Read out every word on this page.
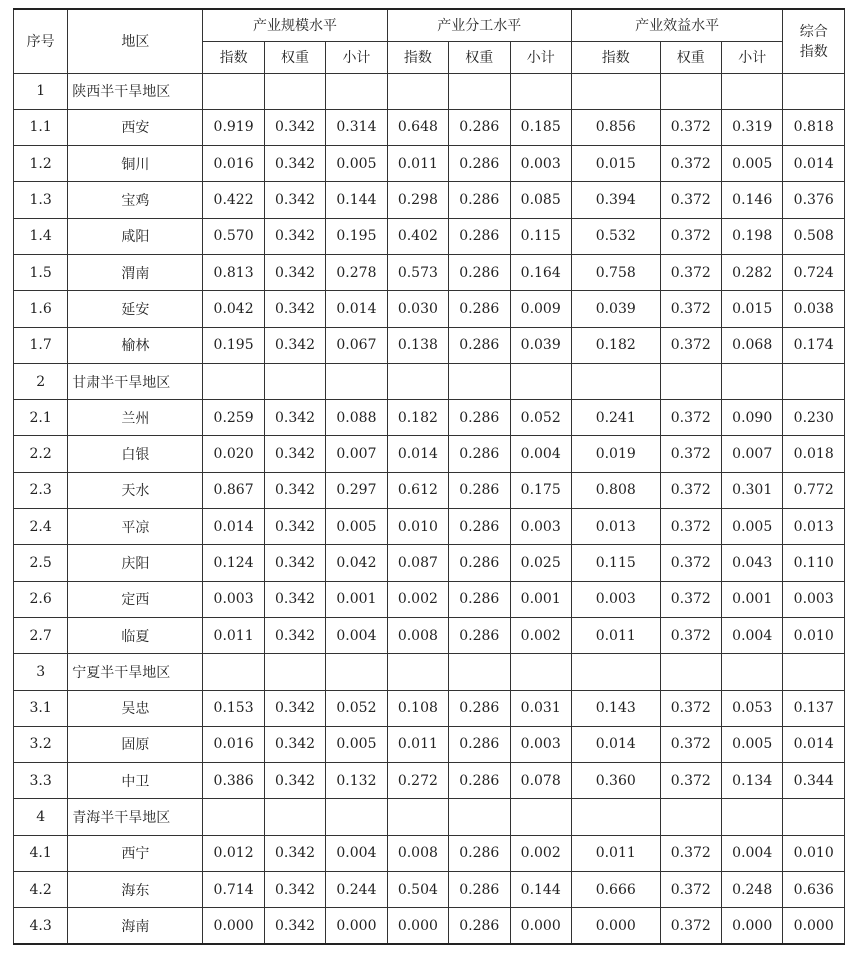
序号	地区	产业规模水平			产业分工水平			产业效益水平			综合
指数

		指数	权重	小计	指数	权重	小计	指数	权重	小计	
1	陕西半干旱地区										
1.1	西安	0.919	0.342	0.314	0.648	0.286	0.185	0.856	0.372	0.319	0.818
1.2	铜川	0.016	0.342	0.005	0.011	0.286	0.003	0.015	0.372	0.005	0.014
1.3	宝鸡	0.422	0.342	0.144	0.298	0.286	0.085	0.394	0.372	0.146	0.376
1.4	咸阳	0.570	0.342	0.195	0.402	0.286	0.115	0.532	0.372	0.198	0.508
1.5	渭南	0.813	0.342	0.278	0.573	0.286	0.164	0.758	0.372	0.282	0.724
1.6	延安	0.042	0.342	0.014	0.030	0.286	0.009	0.039	0.372	0.015	0.038
1.7	榆林	0.195	0.342	0.067	0.138	0.286	0.039	0.182	0.372	0.068	0.174
2	甘肃半干旱地区										
2.1	兰州	0.259	0.342	0.088	0.182	0.286	0.052	0.241	0.372	0.090	0.230
2.2	白银	0.020	0.342	0.007	0.014	0.286	0.004	0.019	0.372	0.007	0.018
2.3	天水	0.867	0.342	0.297	0.612	0.286	0.175	0.808	0.372	0.301	0.772
2.4	平凉	0.014	0.342	0.005	0.010	0.286	0.003	0.013	0.372	0.005	0.013
2.5	庆阳	0.124	0.342	0.042	0.087	0.286	0.025	0.115	0.372	0.043	0.110
2.6	定西	0.003	0.342	0.001	0.002	0.286	0.001	0.003	0.372	0.001	0.003
2.7	临夏	0.011	0.342	0.004	0.008	0.286	0.002	0.011	0.372	0.004	0.010
3	宁夏半干旱地区										
3.1	吴忠	0.153	0.342	0.052	0.108	0.286	0.031	0.143	0.372	0.053	0.137
3.2	固原	0.016	0.342	0.005	0.011	0.286	0.003	0.014	0.372	0.005	0.014
3.3	中卫	0.386	0.342	0.132	0.272	0.286	0.078	0.360	0.372	0.134	0.344
4	青海半干旱地区										
4.1	西宁	0.012	0.342	0.004	0.008	0.286	0.002	0.011	0.372	0.004	0.010
4.2	海东	0.714	0.342	0.244	0.504	0.286	0.144	0.666	0.372	0.248	0.636
4.3	海南	0.000	0.342	0.000	0.000	0.286	0.000	0.000	0.372	0.000	0.000
